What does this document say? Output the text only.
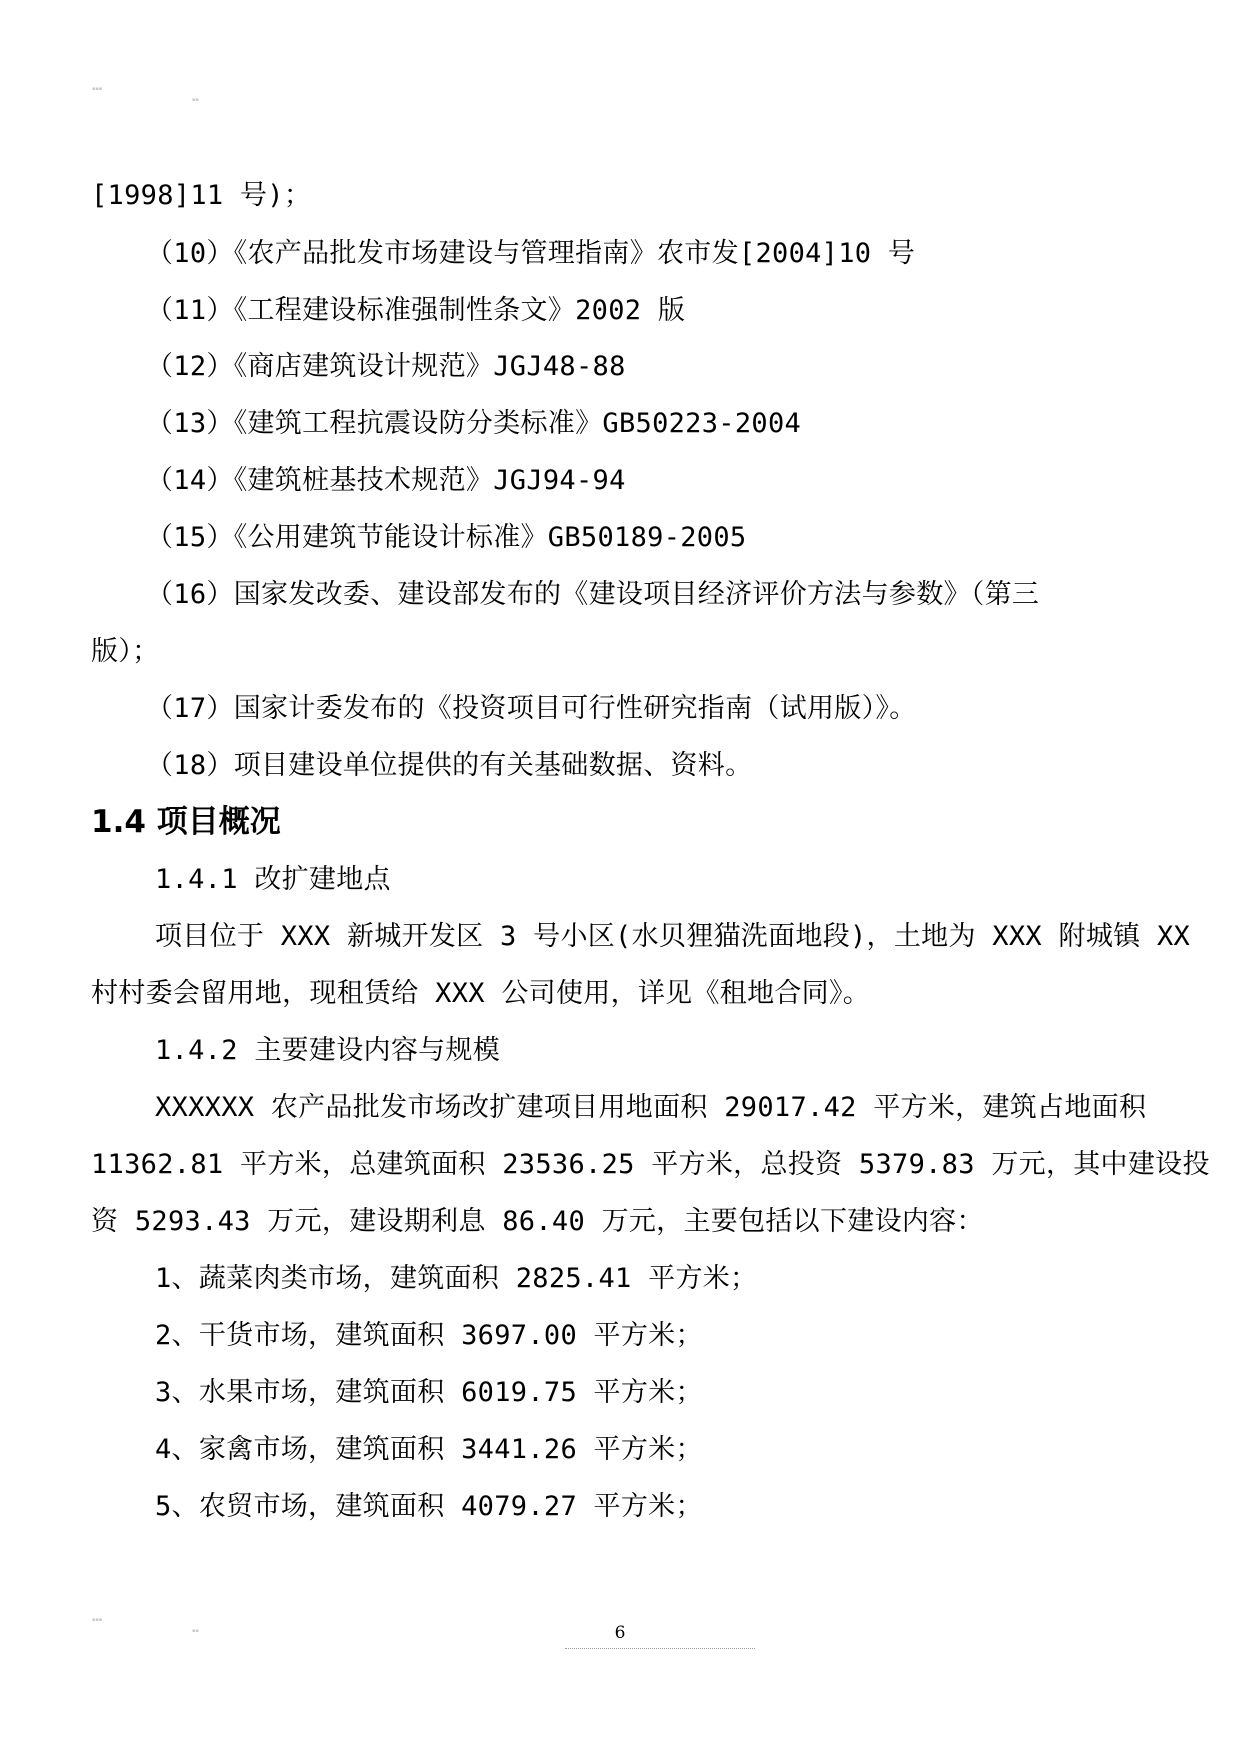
▪▪▪
▪▪
[1998]11 号)；
（10）《农产品批发市场建设与管理指南》农市发[2004]10 号
（11）《工程建设标准强制性条文》2002 版
（12）《商店建筑设计规范》JGJ48-88
（13）《建筑工程抗震设防分类标准》GB50223-2004
（14）《建筑桩基技术规范》JGJ94-94
（15）《公用建筑节能设计标准》GB50189-2005
（16）国家发改委、建设部发布的《建设项目经济评价方法与参数》（第三
版）；
（17）国家计委发布的《投资项目可行性研究指南（试用版）》。
（18）项目建设单位提供的有关基础数据、资料。
1.4 项目概况
1.4.1 改扩建地点
项目位于 XXX 新城开发区 3 号小区(水贝狸猫洗面地段)，土地为 XXX 附城镇 XX
村村委会留用地，现租赁给 XXX 公司使用，详见《租地合同》。
1.4.2 主要建设内容与规模
XXXXXX 农产品批发市场改扩建项目用地面积 29017.42 平方米，建筑占地面积
11362.81 平方米，总建筑面积 23536.25 平方米，总投资 5379.83 万元，其中建设投
资 5293.43 万元，建设期利息 86.40 万元，主要包括以下建设内容：
1、蔬菜肉类市场，建筑面积 2825.41 平方米；
2、干货市场，建筑面积 3697.00 平方米；
3、水果市场，建筑面积 6019.75 平方米；
4、家禽市场，建筑面积 3441.26 平方米；
5、农贸市场，建筑面积 4079.27 平方米；
▪▪▪
▪▪	6
